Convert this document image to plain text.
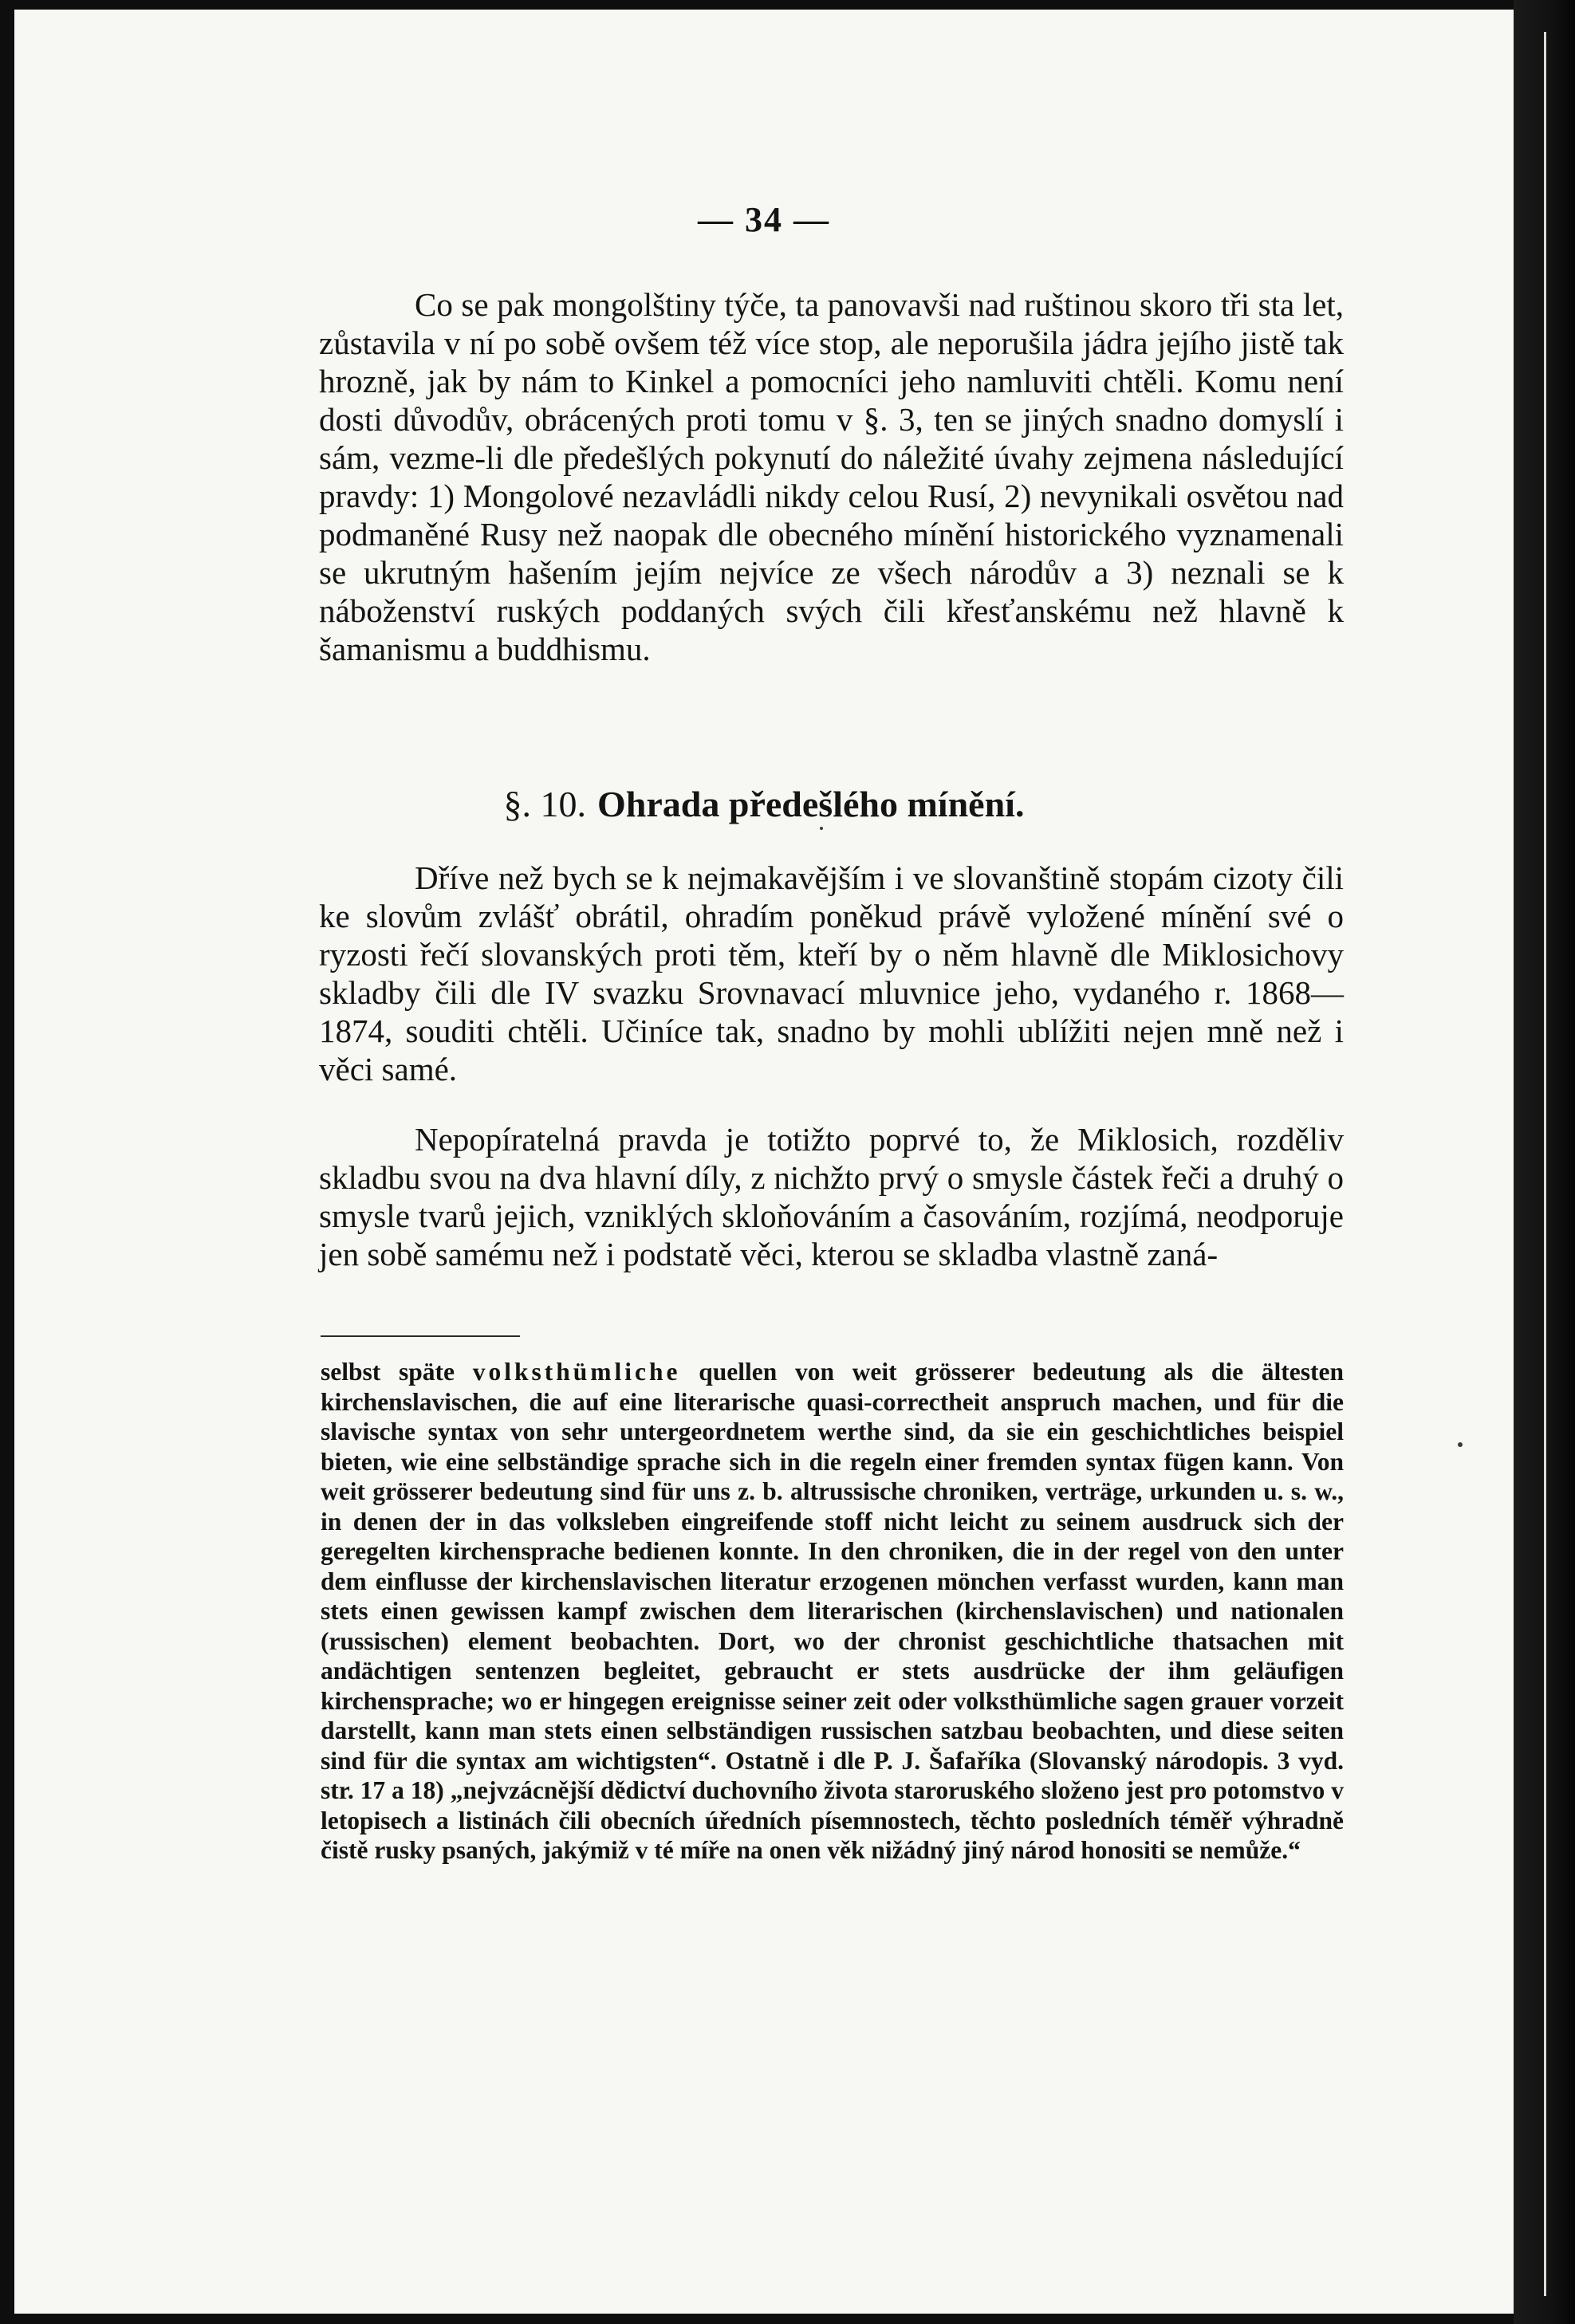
— 34 —

Co se pak mongolštiny týče, ta panovavši nad ruštinou skoro tři sta let, zůstavila v ní po sobě ovšem též více stop, ale neporušila jádra jejího jistě tak hrozně, jak by nám to Kinkel a pomocníci jeho namluviti chtěli. Komu není dosti důvodův, obrácených proti tomu v §. 3, ten se jiných snadno domyslí i sám, vezme-li dle předešlých pokynutí do náležité úvahy zejmena následující pravdy: 1) Mongolové nezavládli nikdy celou Rusí, 2) nevynikali osvětou nad podmaněné Rusy než naopak dle obecného mínění historického vyznamenali se ukrutným hašením jejím nejvíce ze všech národův a 3) neznali se k náboženství ruských poddaných svých čili křesťanskému než hlavně k šamanismu a buddhismu.

§. 10. Ohrada předešlého mínění.

Dříve než bych se k nejmakavějším i ve slovanštině stopám cizoty čili ke slovům zvlášť obrátil, ohradím poněkud právě vyložené mínění své o ryzosti řečí slovanských proti těm, kteří by o něm hlavně dle Miklosichovy skladby čili dle IV svazku Srovnavací mluvnice jeho, vydaného r. 1868—1874, souditi chtěli. Učiníce tak, snadno by mohli ublížiti nejen mně než i věci samé.

Nepopíratelná pravda je totižto poprvé to, že Miklosich, rozděliv skladbu svou na dva hlavní díly, z nichžto prvý o smysle částek řeči a druhý o smysle tvarů jejich, vzniklých skloňováním a časováním, rozjímá, neodporuje jen sobě samému než i podstatě věci, kterou se skladba vlastně zaná-

selbst späte volksthümliche quellen von weit grösserer bedeutung als die ältesten kirchenslavischen, die auf eine literarische quasi-correctheit anspruch machen, und für die slavische syntax von sehr untergeordnetem werthe sind, da sie ein geschichtliches beispiel bieten, wie eine selbständige sprache sich in die regeln einer fremden syntax fügen kann. Von weit grösserer bedeutung sind für uns z. b. altrussische chroniken, verträge, urkunden u. s. w., in denen der in das volksleben eingreifende stoff nicht leicht zu seinem ausdruck sich der geregelten kirchensprache bedienen konnte. In den chroniken, die in der regel von den unter dem einflusse der kirchenslavischen literatur erzogenen mönchen verfasst wurden, kann man stets einen gewissen kampf zwischen dem literarischen (kirchenslavischen) und nationalen (russischen) element beobachten. Dort, wo der chronist geschichtliche thatsachen mit andächtigen sentenzen begleitet, gebraucht er stets ausdrücke der ihm geläufigen kirchensprache; wo er hingegen ereignisse seiner zeit oder volksthümliche sagen grauer vorzeit darstellt, kann man stets einen selbständigen russischen satzbau beobachten, und diese seiten sind für die syntax am wichtigsten“. Ostatně i dle P. J. Šafaříka (Slovanský národopis. 3 vyd. str. 17 a 18) „nejvzácnější dědictví duchovního života staroruského složeno jest pro potomstvo v letopisech a listinách čili obecních úředních písemnostech, těchto posledních téměř výhradně čistě rusky psaných, jakýmiž v té míře na onen věk nižádný jiný národ honositi se nemůže.“
